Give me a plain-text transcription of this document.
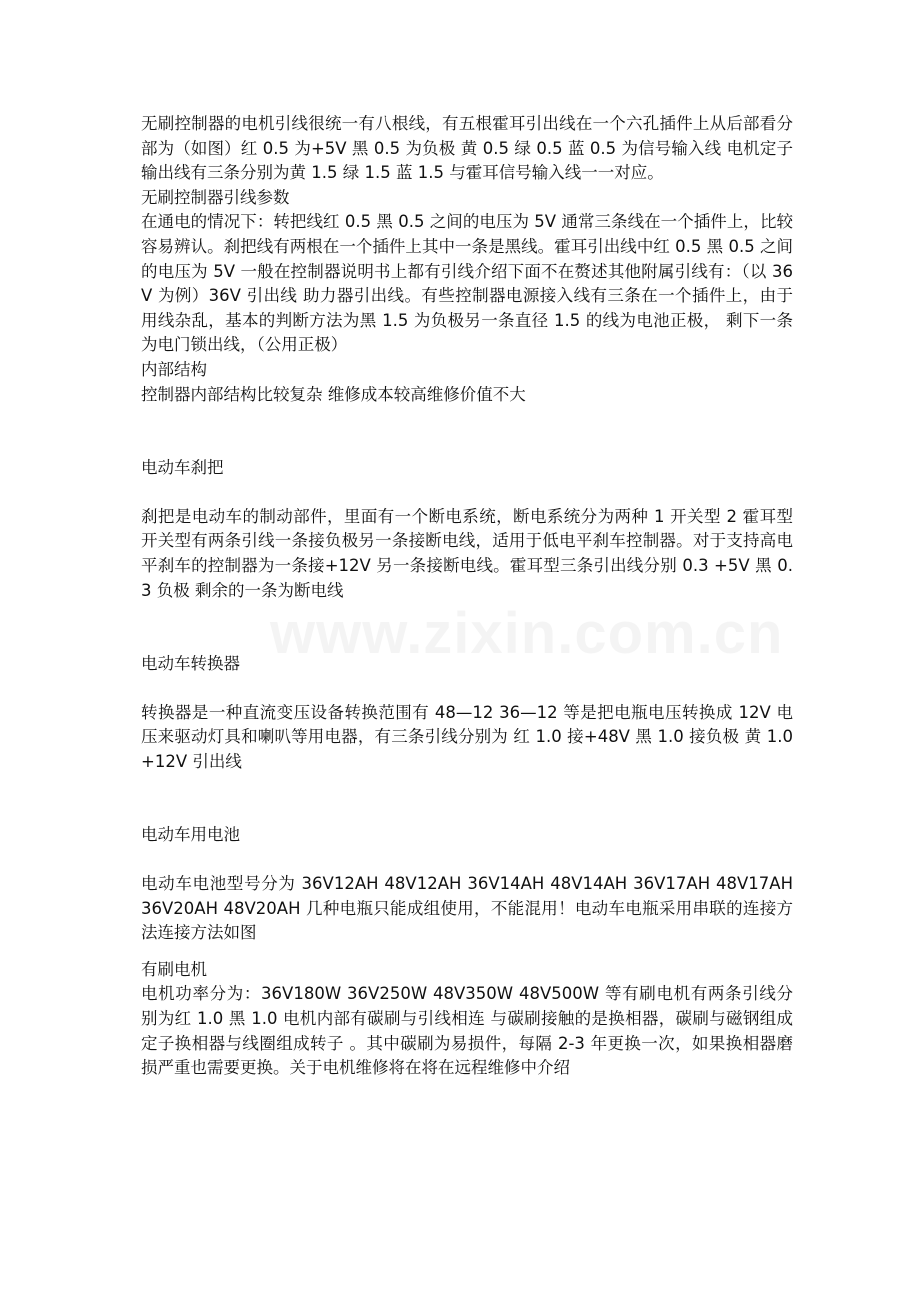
无刷控制器的电机引线很统一有八根线，有五根霍耳引出线在一个六孔插件上从后部看分部为（如图）红 0.5 为+5V 黑 0.5 为负极 黄 0.5 绿 0.5 蓝 0.5 为信号输入线 电机定子输出线有三条分别为黄 1.5 绿 1.5 蓝 1.5 与霍耳信号输入线一一对应。

无刷控制器引线参数

在通电的情况下：转把线红 0.5 黑 0.5 之间的电压为 5V 通常三条线在一个插件上，比较容易辨认。刹把线有两根在一个插件上其中一条是黑线。霍耳引出线中红 0.5 黑 0.5 之间的电压为 5V 一般在控制器说明书上都有引线介绍下面不在赘述其他附属引线有：（以 36V 为例）36V 引出线 助力器引出线。有些控制器电源接入线有三条在一个插件上，由于用线杂乱，基本的判断方法为黑 1.5 为负极另一条直径 1.5 的线为电池正极， 剩下一条为电门锁出线，（公用正极）

内部结构

控制器内部结构比较复杂 维修成本较高维修价值不大

电动车刹把

刹把是电动车的制动部件，里面有一个断电系统，断电系统分为两种 1 开关型 2 霍耳型 开关型有两条引线一条接负极另一条接断电线，适用于低电平刹车控制器。对于支持高电平刹车的控制器为一条接+12V 另一条接断电线。霍耳型三条引出线分别 0.3 +5V 黑 0.3 负极 剩余的一条为断电线

电动车转换器

转换器是一种直流变压设备转换范围有 48—12 36—12 等是把电瓶电压转换成 12V 电压来驱动灯具和喇叭等用电器，有三条引线分别为 红 1.0 接+48V 黑 1.0 接负极 黄 1.0 +12V 引出线

电动车用电池

电动车电池型号分为 36V12AH 48V12AH 36V14AH 48V14AH 36V17AH 48V17AH 36V20AH 48V20AH 几种电瓶只能成组使用，不能混用！电动车电瓶采用串联的连接方法连接方法如图

有刷电机

电机功率分为：36V180W 36V250W 48V350W 48V500W 等有刷电机有两条引线分别为红 1.0 黑 1.0 电机内部有碳刷与引线相连 与碳刷接触的是换相器，碳刷与磁钢组成定子换相器与线圈组成转子 。其中碳刷为易损件，每隔 2-3 年更换一次，如果换相器磨损严重也需要更换。关于电机维修将在将在远程维修中介绍
